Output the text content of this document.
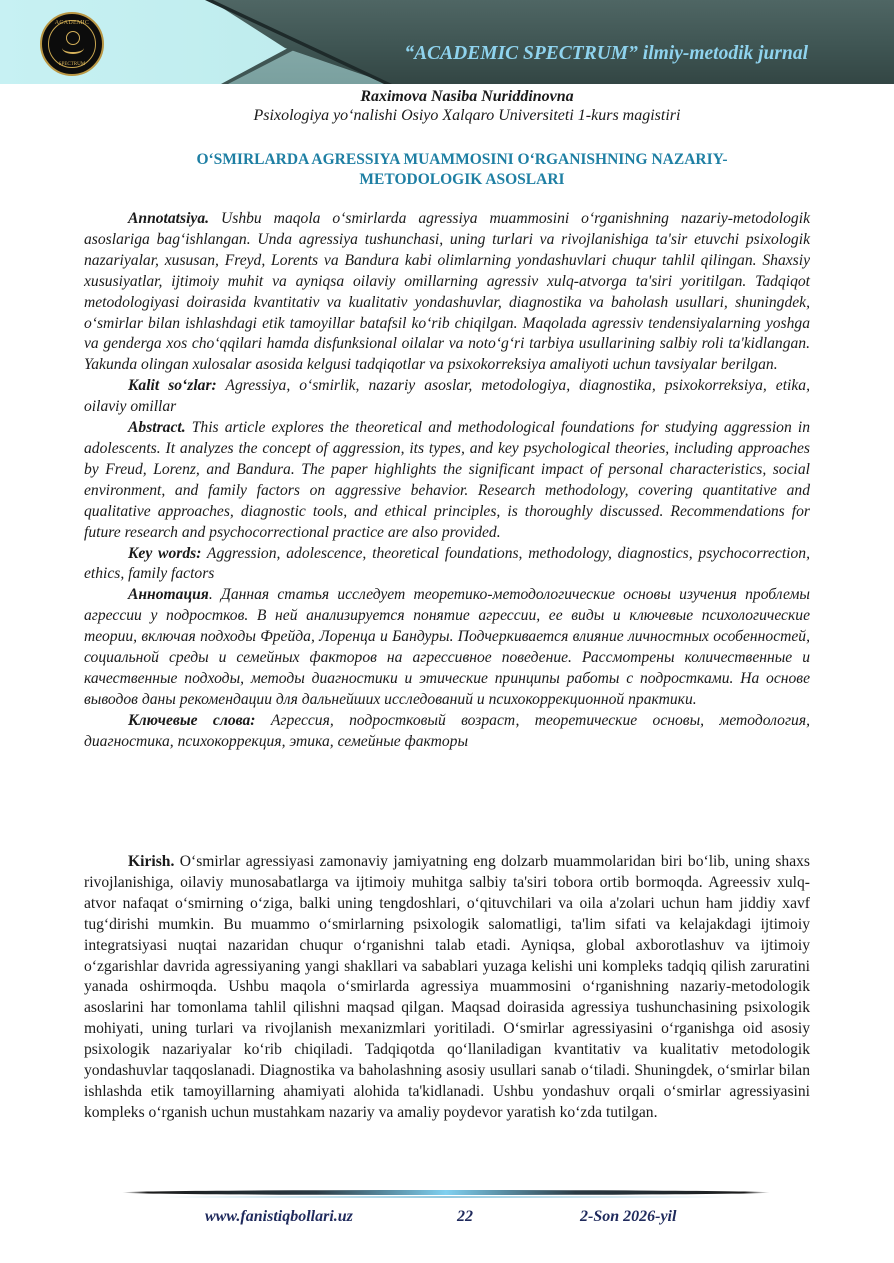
ACADEMIC
SPECTRUM
“ACADEMIC SPECTRUM” ilmiy-metodik jurnal
Raximova Nasiba Nuriddinovna
Psixologiya yo‘nalishi Osiyo Xalqaro Universiteti 1-kurs magistiri
O‘SMIRLARDA AGRESSIYA MUAMMOSINI O‘RGANISHNING NAZARIY-
METODOLOGIK ASOSLARI

Annotatsiya. Ushbu maqola o‘smirlarda agressiya muammosini o‘rganishning nazariy-metodologik asoslariga bag‘ishlangan. Unda agressiya tushunchasi, uning turlari va rivojlanishiga ta'sir etuvchi psixologik nazariyalar, xususan, Freyd, Lorents va Bandura kabi olimlarning yondashuvlari chuqur tahlil qilingan. Shaxsiy xususiyatlar, ijtimoiy muhit va ayniqsa oilaviy omillarning agressiv xulq-atvorga ta'siri yoritilgan. Tadqiqot metodologiyasi doirasida kvantitativ va kualitativ yondashuvlar, diagnostika va baholash usullari, shuningdek, o‘smirlar bilan ishlashdagi etik tamoyillar batafsil ko‘rib chiqilgan. Maqolada agressiv tendensiyalarning yoshga va genderga xos cho‘qqilari hamda disfunksional oilalar va noto‘g‘ri tarbiya usullarining salbiy roli ta'kidlangan. Yakunda olingan xulosalar asosida kelgusi tadqiqotlar va psixokorreksiya amaliyoti uchun tavsiyalar berilgan.

Kalit so‘zlar: Agressiya, o‘smirlik, nazariy asoslar, metodologiya, diagnostika, psixokorreksiya, etika, oilaviy omillar

Abstract. This article explores the theoretical and methodological foundations for studying aggression in adolescents. It analyzes the concept of aggression, its types, and key psychological theories, including approaches by Freud, Lorenz, and Bandura. The paper highlights the significant impact of personal characteristics, social environment, and family factors on aggressive behavior. Research methodology, covering quantitative and qualitative approaches, diagnostic tools, and ethical principles, is thoroughly discussed. Recommendations for future research and psychocorrectional practice are also provided.

Key words: Aggression, adolescence, theoretical foundations, methodology, diagnostics, psychocorrection, ethics, family factors

Аннотация. Данная статья исследует теоретико-методологические основы изучения проблемы агрессии у подростков. В ней анализируется понятие агрессии, ее виды и ключевые психологические теории, включая подходы Фрейда, Лоренца и Бандуры. Подчеркивается влияние личностных особенностей, социальной среды и семейных факторов на агрессивное поведение. Рассмотрены количественные и качественные подходы, методы диагностики и этические принципы работы с подростками. На основе выводов даны рекомендации для дальнейших исследований и психокоррекционной практики.

Ключевые слова: Агрессия, подростковый возраст, теоретические основы, методология, диагностика, психокоррекция, этика, семейные факторы

Kirish. O‘smirlar agressiyasi zamonaviy jamiyatning eng dolzarb muammolaridan biri bo‘lib, uning shaxs rivojlanishiga, oilaviy munosabatlarga va ijtimoiy muhitga salbiy ta'siri tobora ortib bormoqda. Agreessiv xulq-atvor nafaqat o‘smirning o‘ziga, balki uning tengdoshlari, o‘qituvchilari va oila a'zolari uchun ham jiddiy xavf tug‘dirishi mumkin. Bu muammo o‘smirlarning psixologik salomatligi, ta'lim sifati va kelajakdagi ijtimoiy integratsiyasi nuqtai nazaridan chuqur o‘rganishni talab etadi. Ayniqsa, global axborotlashuv va ijtimoiy o‘zgarishlar davrida agressiyaning yangi shakllari va sabablari yuzaga kelishi uni kompleks tadqiq qilish zaruratini yanada oshirmoqda. Ushbu maqola o‘smirlarda agressiya muammosini o‘rganishning nazariy-metodologik asoslarini har tomonlama tahlil qilishni maqsad qilgan. Maqsad doirasida agressiya tushunchasining psixologik mohiyati, uning turlari va rivojlanish mexanizmlari yoritiladi. O‘smirlar agressiyasini o‘rganishga oid asosiy psixologik nazariyalar ko‘rib chiqiladi. Tadqiqotda qo‘llaniladigan kvantitativ va kualitativ metodologik yondashuvlar taqqoslanadi. Diagnostika va baholashning asosiy usullari sanab o‘tiladi. Shuningdek, o‘smirlar bilan ishlashda etik tamoyillarning ahamiyati alohida ta'kidlanadi. Ushbu yondashuv orqali o‘smirlar agressiyasini kompleks o‘rganish uchun mustahkam nazariy va amaliy poydevor yaratish ko‘zda tutilgan.

www.fanistiqbollari.uz	22	2-Son 2026-yil
